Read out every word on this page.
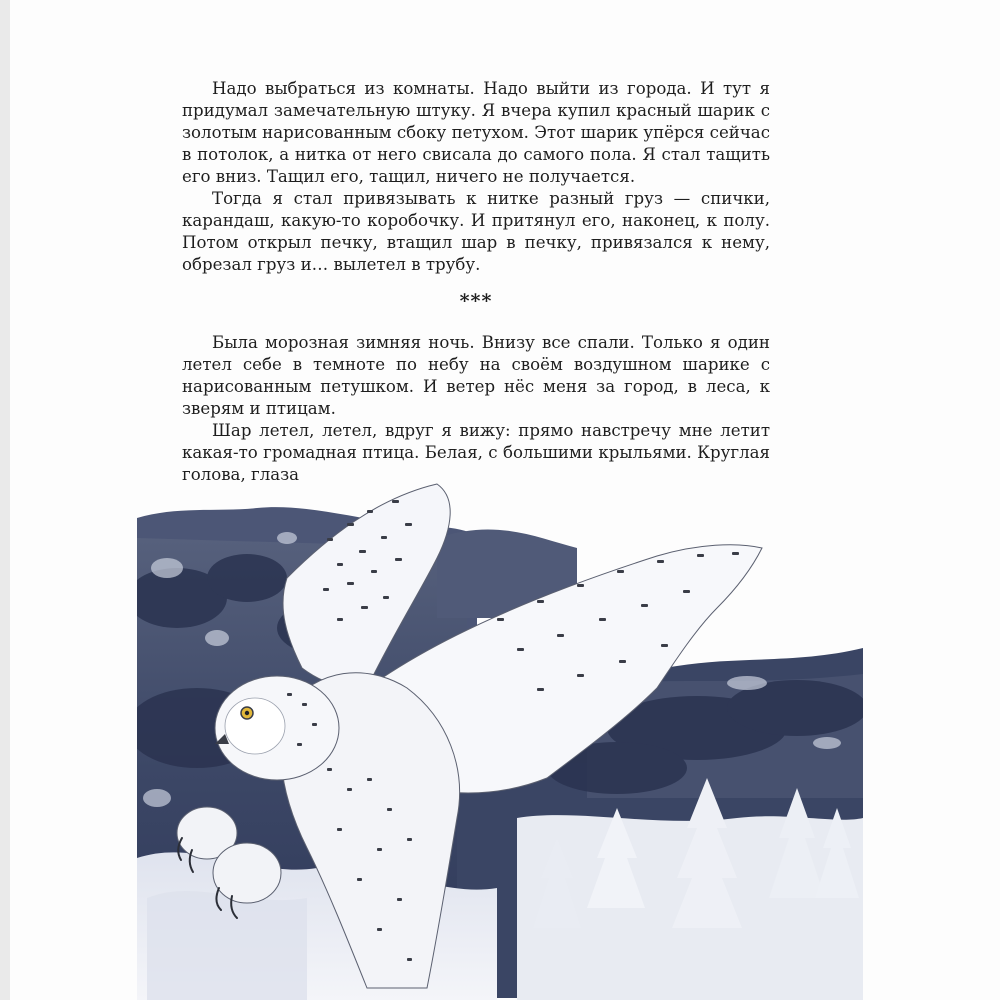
Надо выбраться из комнаты. Надо выйти из города. И тут я придумал замечательную штуку. Я вчера купил красный шарик с золотым нарисованным сбоку петухом. Этот шарик упёрся сейчас в потолок, а нитка от него свисала до самого пола. Я стал тащить его вниз. Тащил его, тащил, ничего не получается.

Тогда я стал привязывать к нитке разный груз — спички, карандаш, какую-то коробочку. И притянул его, наконец, к полу. Потом открыл печку, втащил шар в печку, привязался к нему, обрезал груз и… вылетел в трубу.

***

Была морозная зимняя ночь. Внизу все спали. Только я один летел себе в темноте по небу на своём воздушном шарике с нарисованным петушком. И ветер нёс меня за город, в леса, к зверям и птицам.

Шар летел, летел, вдруг я вижу: прямо навстречу мне летит какая-то громадная птица. Белая, с большими крыльями. Круглая голова, глаза
